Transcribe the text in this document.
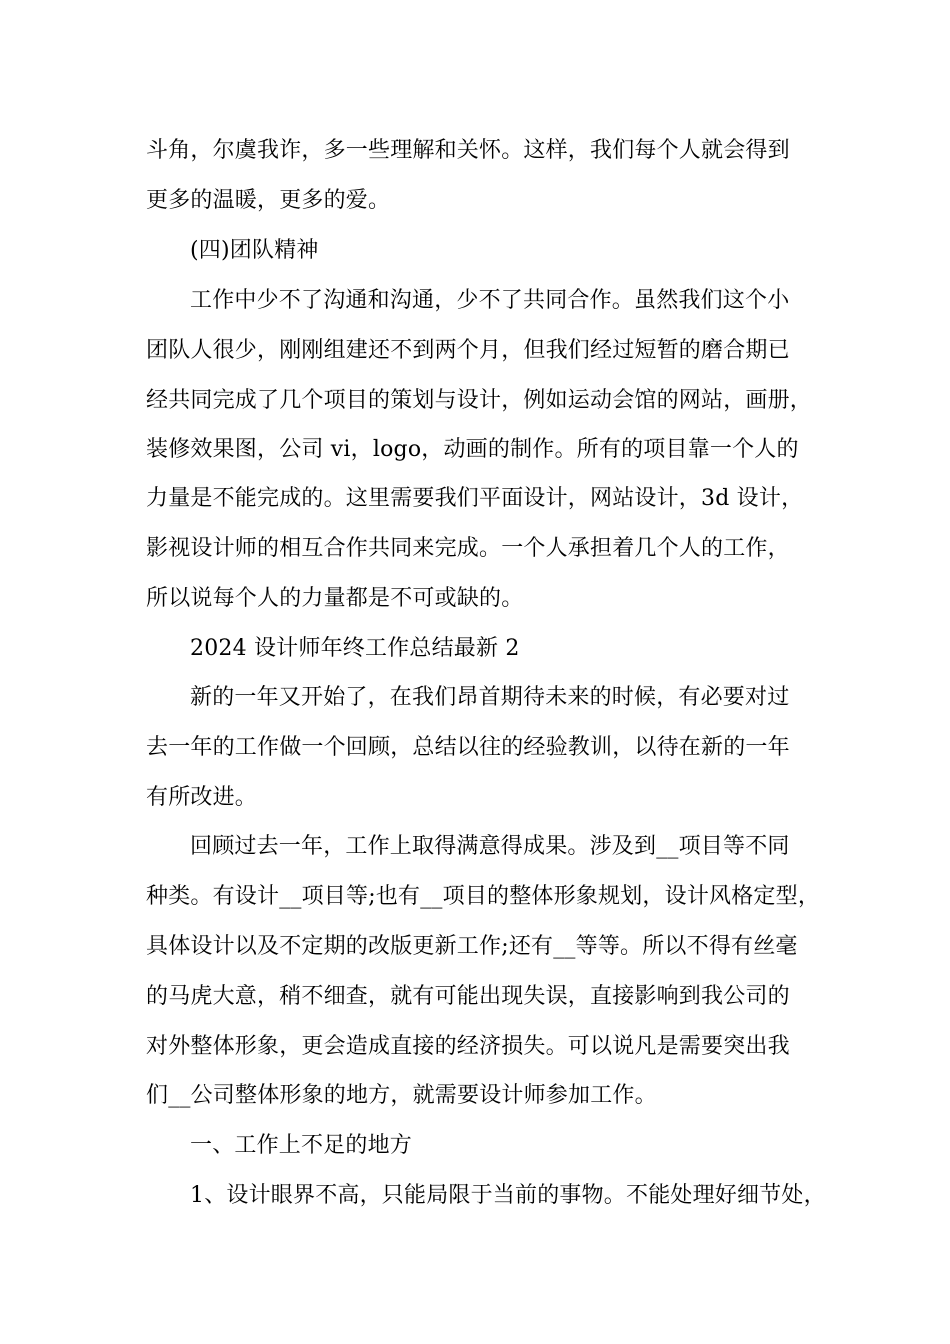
斗角，尔虞我诈，多一些理解和关怀。这样，我们每个人就会得到
更多的温暖，更多的爱。
(四)团队精神
工作中少不了沟通和沟通，少不了共同合作。虽然我们这个小
团队人很少，刚刚组建还不到两个月，但我们经过短暂的磨合期已
经共同完成了几个项目的策划与设计，例如运动会馆的网站，画册，
装修效果图，公司 vi，logo，动画的制作。所有的项目靠一个人的
力量是不能完成的。这里需要我们平面设计，网站设计，3d 设计，
影视设计师的相互合作共同来完成。一个人承担着几个人的工作，
所以说每个人的力量都是不可或缺的。
2024 设计师年终工作总结最新 2
新的一年又开始了，在我们昂首期待未来的时候，有必要对过
去一年的工作做一个回顾，总结以往的经验教训，以待在新的一年
有所改进。
回顾过去一年，工作上取得满意得成果。涉及到__项目等不同
种类。有设计__项目等;也有__项目的整体形象规划，设计风格定型，
具体设计以及不定期的改版更新工作;还有__等等。所以不得有丝毫
的马虎大意，稍不细查，就有可能出现失误，直接影响到我公司的
对外整体形象，更会造成直接的经济损失。可以说凡是需要突出我
们__公司整体形象的地方，就需要设计师参加工作。
一、工作上不足的地方
1、设计眼界不高，只能局限于当前的事物。不能处理好细节处，
